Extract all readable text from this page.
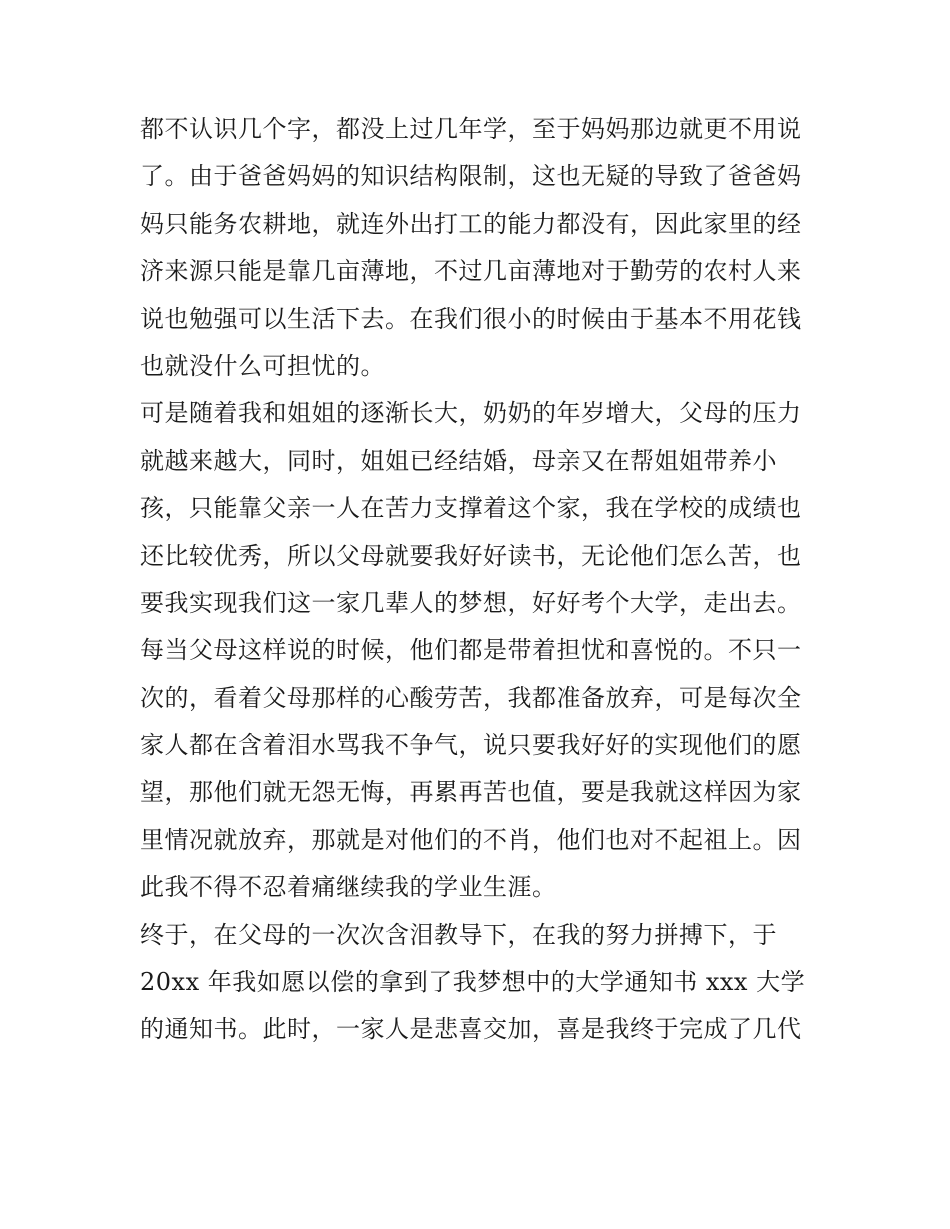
都不认识几个字，都没上过几年学，至于妈妈那边就更不用说
了。由于爸爸妈妈的知识结构限制，这也无疑的导致了爸爸妈
妈只能务农耕地，就连外出打工的能力都没有，因此家里的经
济来源只能是靠几亩薄地，不过几亩薄地对于勤劳的农村人来
说也勉强可以生活下去。在我们很小的时候由于基本不用花钱
也就没什么可担忧的。
可是随着我和姐姐的逐渐长大，奶奶的年岁增大，父母的压力
就越来越大，同时，姐姐已经结婚，母亲又在帮姐姐带养小
孩，只能靠父亲一人在苦力支撑着这个家，我在学校的成绩也
还比较优秀，所以父母就要我好好读书，无论他们怎么苦，也
要我实现我们这一家几辈人的梦想，好好考个大学，走出去。
每当父母这样说的时候，他们都是带着担忧和喜悦的。不只一
次的，看着父母那样的心酸劳苦，我都准备放弃，可是每次全
家人都在含着泪水骂我不争气，说只要我好好的实现他们的愿
望，那他们就无怨无悔，再累再苦也值，要是我就这样因为家
里情况就放弃，那就是对他们的不肖，他们也对不起祖上。因
此我不得不忍着痛继续我的学业生涯。
终于，在父母的一次次含泪教导下，在我的努力拼搏下，于
20xx 年我如愿以偿的拿到了我梦想中的大学通知书 xxx 大学
的通知书。此时，一家人是悲喜交加，喜是我终于完成了几代
